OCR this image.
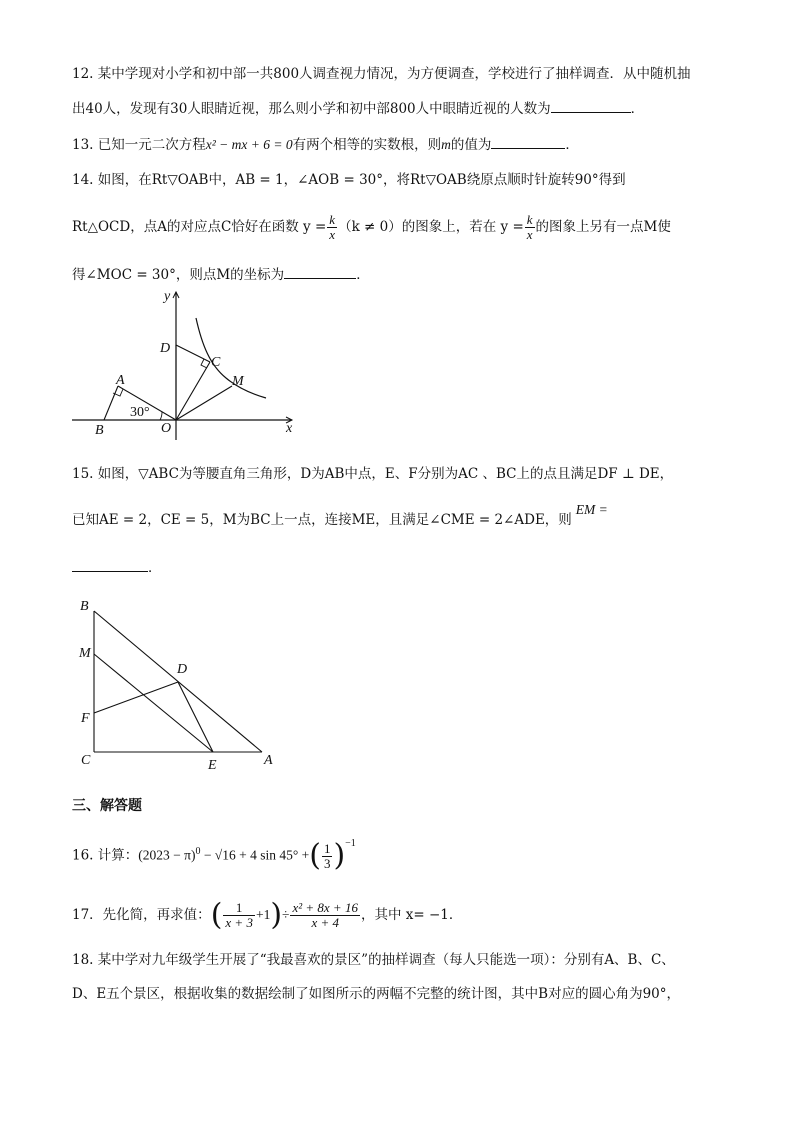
12. 某中学现对小学和初中部一共800人调查视力情况，为方便调查，学校进行了抽样调查．从中随机抽
出40人，发现有30人眼睛近视，那么则小学和初中部800人中眼睛近视的人数为	．
13. 已知一元二次方程x² − mx + 6 = 0有两个相等的实数根，则m的值为	．
14. 如图，在Rt▽OAB中，AB = 1，∠AOB = 30°，将Rt▽OAB绕原点顺时针旋转90°得到
Rt△OCD，点A的对应点C恰好在函数 $y = \frac{k}{x} (k \ne 0)$的图象上，若在 $y = \frac{k}{x}$ 的图象上另有一点M使
得∠MOC = 30°，则点M的坐标为	．
y
x
D
C
A	M
B	O
30°
15. 如图，▽ABC为等腰直角三角形，D为AB中点，E、F分别为AC 、BC上的点且满足DF ⊥ DE，
已知AE = 2，CE = 5，M为BC上一点，连接ME，且满足∠CME = 2∠ADE，则EM =
．
B
M
D
F
C	E	A
三、解答题
16. 计算：$(2023 - \pi)^0 - √16 + 4$ sin 45° +( $\frac{1}{3} )^{-1}$
17．先化简，再求值：( $\frac{1}{x + 3} +1)\div \frac{\text{x² + 8x + 16}}{x + 4}$ ，其中 x= −1．
18. 某中学对九年级学生开展了“我最喜欢的景区”的抽样调查（每人只能选一项）：分别有A、B、C、
D、E五个景区，根据收集的数据绘制了如图所示的两幅不完整的统计图，其中B对应的圆心角为90°，
